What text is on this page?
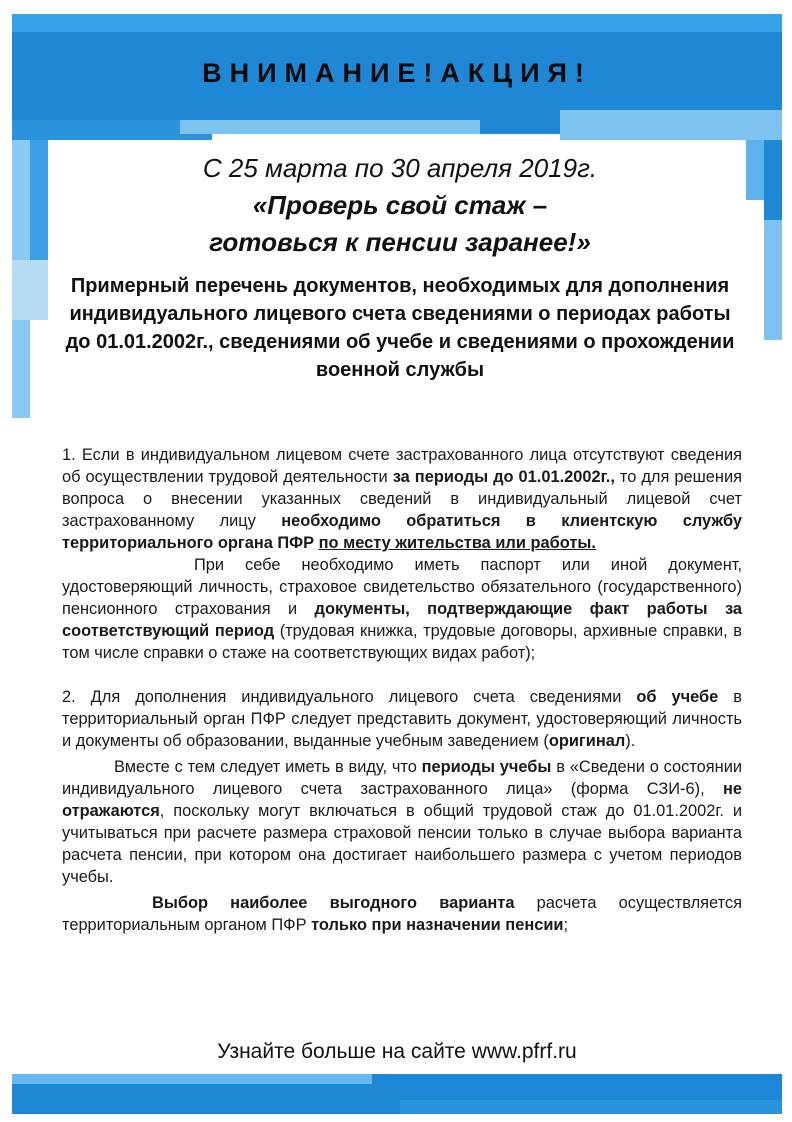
ВНИМАНИЕ!АКЦИЯ!
С 25 марта по 30 апреля 2019г.
«Проверь свой стаж –
готовься к пенсии заранее!»
Примерный перечень документов, необходимых для дополнения индивидуального лицевого счета сведениями о периодах работы до 01.01.2002г., сведениями об учебе и сведениями о прохождении военной службы

1. Если в индивидуальном лицевом счете застрахованного лица отсутствуют сведения об осуществлении трудовой деятельности за периоды до 01.01.2002г., то для решения вопроса о внесении указанных сведений в индивидуальный лицевой счет застрахованному лицу необходимо обратиться в клиентскую службу территориального органа ПФР по месту жительства или работы.

При себе необходимо иметь паспорт или иной документ, удостоверяющий личность, страховое свидетельство обязательного (государственного) пенсионного страхования и документы, подтверждающие факт работы за соответствующий период (трудовая книжка, трудовые договоры, архивные справки, в том числе справки о стаже на соответствующих видах работ);

2. Для дополнения индивидуального лицевого счета сведениями об учебе в территориальный орган ПФР следует представить документ, удостоверяющий личность и документы об образовании, выданные учебным заведением (оригинал).

Вместе с тем следует иметь в виду, что периоды учебы в «Сведени о состоянии индивидуального лицевого счета застрахованного лица» (форма СЗИ-6), не отражаются, поскольку могут включаться в общий трудовой стаж до 01.01.2002г. и учитываться при расчете размера страховой пенсии только в случае выбора варианта расчета пенсии, при котором она достигает наибольшего размера с учетом периодов учебы.

Выбор наиболее выгодного варианта расчета осуществляется территориальным органом ПФР только при назначении пенсии;

Узнайте больше на сайте www.pfrf.ru
